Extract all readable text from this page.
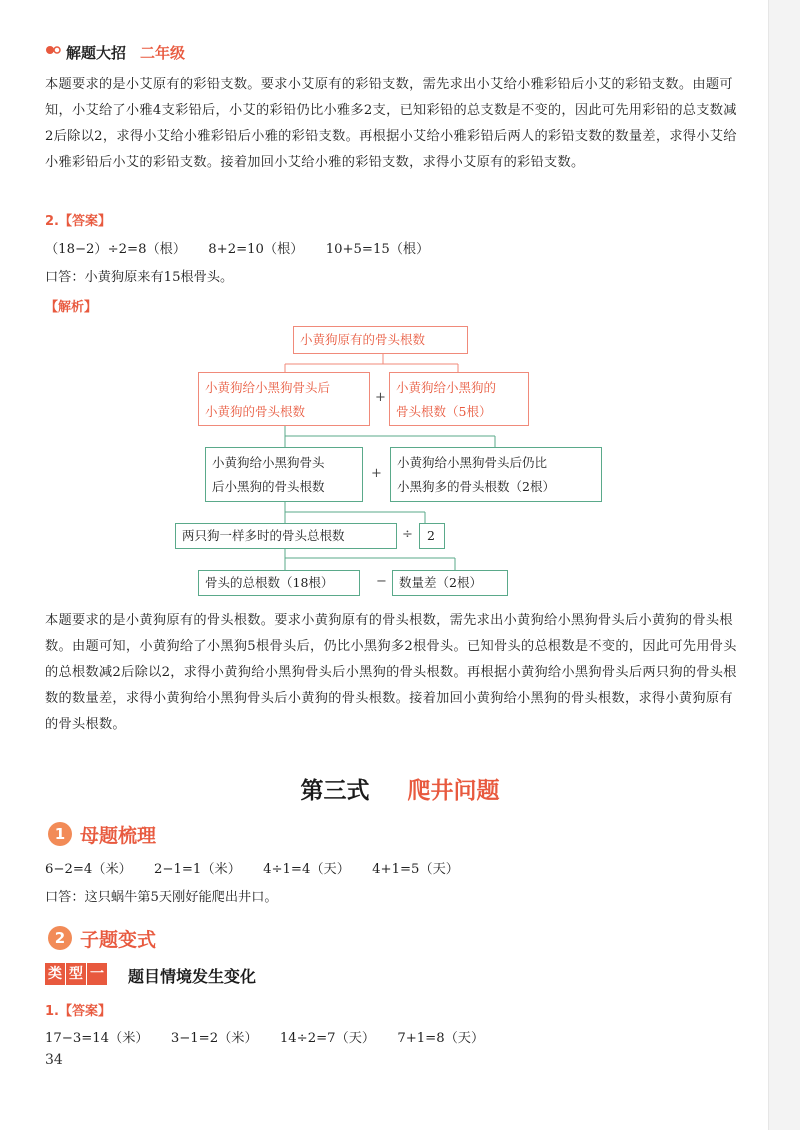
解题大招 二年级

本题要求的是小艾原有的彩铅支数。要求小艾原有的彩铅支数，需先求出小艾给小雅彩铅后小艾的彩铅支数。由题可知，小艾给了小雅4支彩铅后，小艾的彩铅仍比小雅多2支，已知彩铅的总支数是不变的，因此可先用彩铅的总支数减2后除以2，求得小艾给小雅彩铅后小雅的彩铅支数。再根据小艾给小雅彩铅后两人的彩铅支数的数量差，求得小艾给小雅彩铅后小艾的彩铅支数。接着加回小艾给小雅的彩铅支数，求得小艾原有的彩铅支数。

2.【答案】
（18−2）÷2=8（根） 8+2=10（根） 10+5=15（根）
口答：小黄狗原来有15根骨头。
【解析】
小黄狗原有的骨头根数
小黄狗给小黑狗骨头后
小黄狗的骨头根数
+
小黄狗给小黑狗的
骨头根数（5根）
小黄狗给小黑狗骨头
后小黑狗的骨头根数
+
小黄狗给小黑狗骨头后仍比
小黑狗多的骨头根数（2根）
两只狗一样多时的骨头总根数	÷	2
骨头的总根数（18根）	− 数量差（2根）

本题要求的是小黄狗原有的骨头根数。要求小黄狗原有的骨头根数，需先求出小黄狗给小黑狗骨头后小黄狗的骨头根数。由题可知，小黄狗给了小黑狗5根骨头后，仍比小黑狗多2根骨头。已知骨头的总根数是不变的，因此可先用骨头的总根数减2后除以2，求得小黄狗给小黑狗骨头后小黑狗的骨头根数。再根据小黄狗给小黑狗骨头后两只狗的骨头根数的数量差，求得小黄狗给小黑狗骨头后小黄狗的骨头根数。接着加回小黄狗给小黑狗的骨头根数，求得小黄狗原有的骨头根数。

第三式 爬井问题
1 母题梳理
6−2=4（米） 2−1=1（米） 4÷1=4（天） 4+1=5（天）
口答：这只蜗牛第5天刚好能爬出井口。
2 子题变式
类 型 一 题目情境发生变化
1.【答案】
17−3=14（米） 3−1=2（米） 14÷2=7（天） 7+1=8（天）
34
